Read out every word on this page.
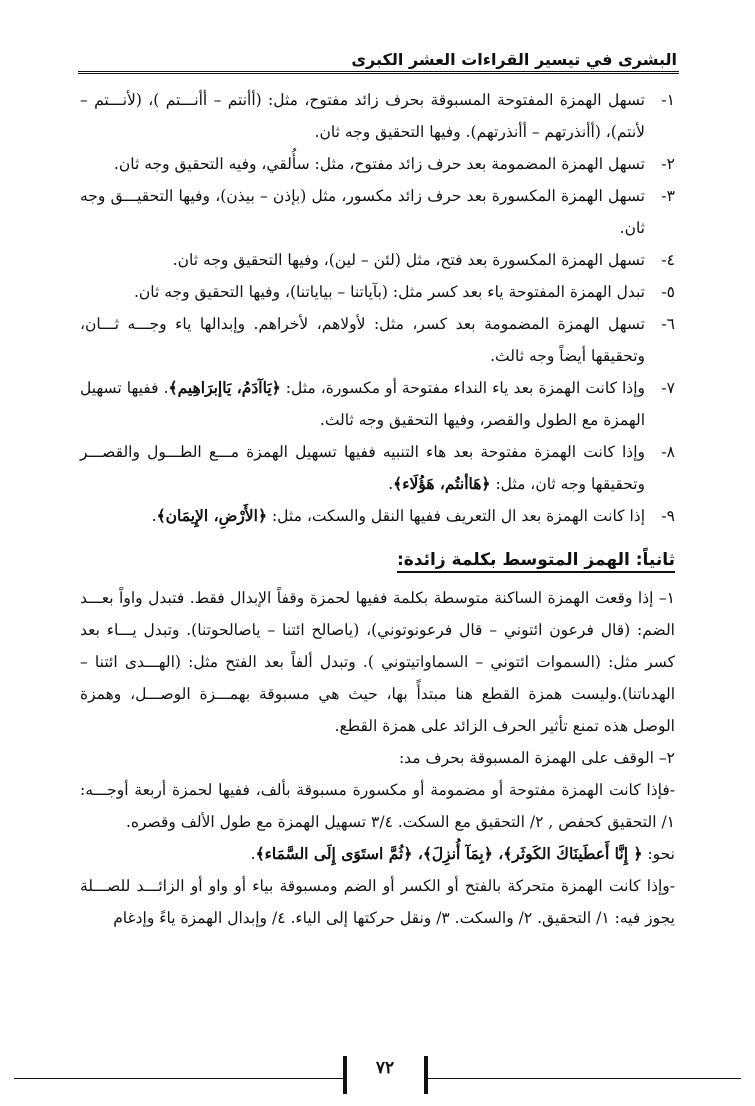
البشرى في تيسير القراءات العشر الكبرى
١-
تسهل الهمزة المفتوحة المسبوقة بحرف زائد مفتوح، مثل: (أأنتم – أأنـــتم )، (لأنـــتم – لأنتم)، (أأنذرتهم – أأنذرتهم). وفيها التحقيق وجه ثان.
٢-
تسهل الهمزة المضمومة بعد حرف زائد مفتوح، مثل: سأُلقي، وفيه التحقيق وجه ثان.
٣-
تسهل الهمزة المكسورة بعد حرف زائد مكسور، مثل (بإذن – بيذن)، وفيها التحقيـــق وجه ثان.
٤-
تسهل الهمزة المكسورة بعد فتح، مثل (لئن – لين)، وفيها التحقيق وجه ثان.
٥-
تبدل الهمزة المفتوحة ياء بعد كسر مثل: (بآياتنا – بياياتنا)، وفيها التحقيق وجه ثان.
٦-
تسهل الهمزة المضمومة بعد كسر، مثل: لأولاهم، لأخراهم. وإبدالها ياء وجـــه ثـــان، وتحقيقها أيضاً وجه ثالث.
٧-
وإذا كانت الهمزة بعد ياء النداء مفتوحة أو مكسورة، مثل: ﴿يَاآدَمُ، يَاإبرَاهِيم﴾. ففيها تسهيل الهمزة مع الطول والقصر، وفيها التحقيق وجه ثالث.
٨-
وإذا كانت الهمزة مفتوحة بعد هاء التنبيه ففيها تسهيل الهمزة مـــع الطـــول والقصـــر وتحقيقها وجه ثان، مثل: ﴿هَاأنتُم، هَؤُلَاء﴾.
٩-
إذا كانت الهمزة بعد ال التعريف ففيها النقل والسكت، مثل: ﴿الأَرْضِ، الإِيمَان﴾.
ثانياً: الهمز المتوسط بكلمة زائدة:
١– إذا وقعت الهمزة الساكنة متوسطة بكلمة ففيها لحمزة وقفاً الإبدال فقط. فتبدل واواً بعـــد الضم: (قال فرعون ائتوني – قال فرعونوتوني)، (ياصالح ائتنا – ياصالحوتنا). وتبدل يـــاء بعد كسر مثل: (السموات ائتوني – السماواتيتوني ). وتبدل ألفاً بعد الفتح مثل: (الهـــدى ائتنا – الهدىاتنا).وليست همزة القطع هنا مبتدأً بها، حيث هي مسبوقة بهمـــزة الوصـــل، وهمزة الوصل هذه تمنع تأثير الحرف الزائد على همزة القطع.
٢– الوقف على الهمزة المسبوقة بحرف مد:
-فإذا كانت الهمزة مفتوحة أو مضمومة أو مكسورة مسبوقة بألف، ففيها لحمزة أربعة أوجـــه: ١/ التحقيق كحفص , ٢/ التحقيق مع السكت. ٣/٤ تسهيل الهمزة مع طول الألف وقصره.
نحو: ﴿ إِنَّا أَعطَينَاكَ الكَوثَر﴾، ﴿بِمَآ أُنزِلَ﴾، ﴿ثُمَّ استَوَى إِلَى السَّمَاء﴾.
-وإذا كانت الهمزة متحركة بالفتح أو الكسر أو الضم ومسبوقة بياء أو واو أو الزائـــد للصـــلة يجوز فيه: ١/ التحقيق. ٢/ والسكت. ٣/ ونقل حركتها إلى الياء. ٤/ وإبدال الهمزة ياءً وإدغام
٧٢
